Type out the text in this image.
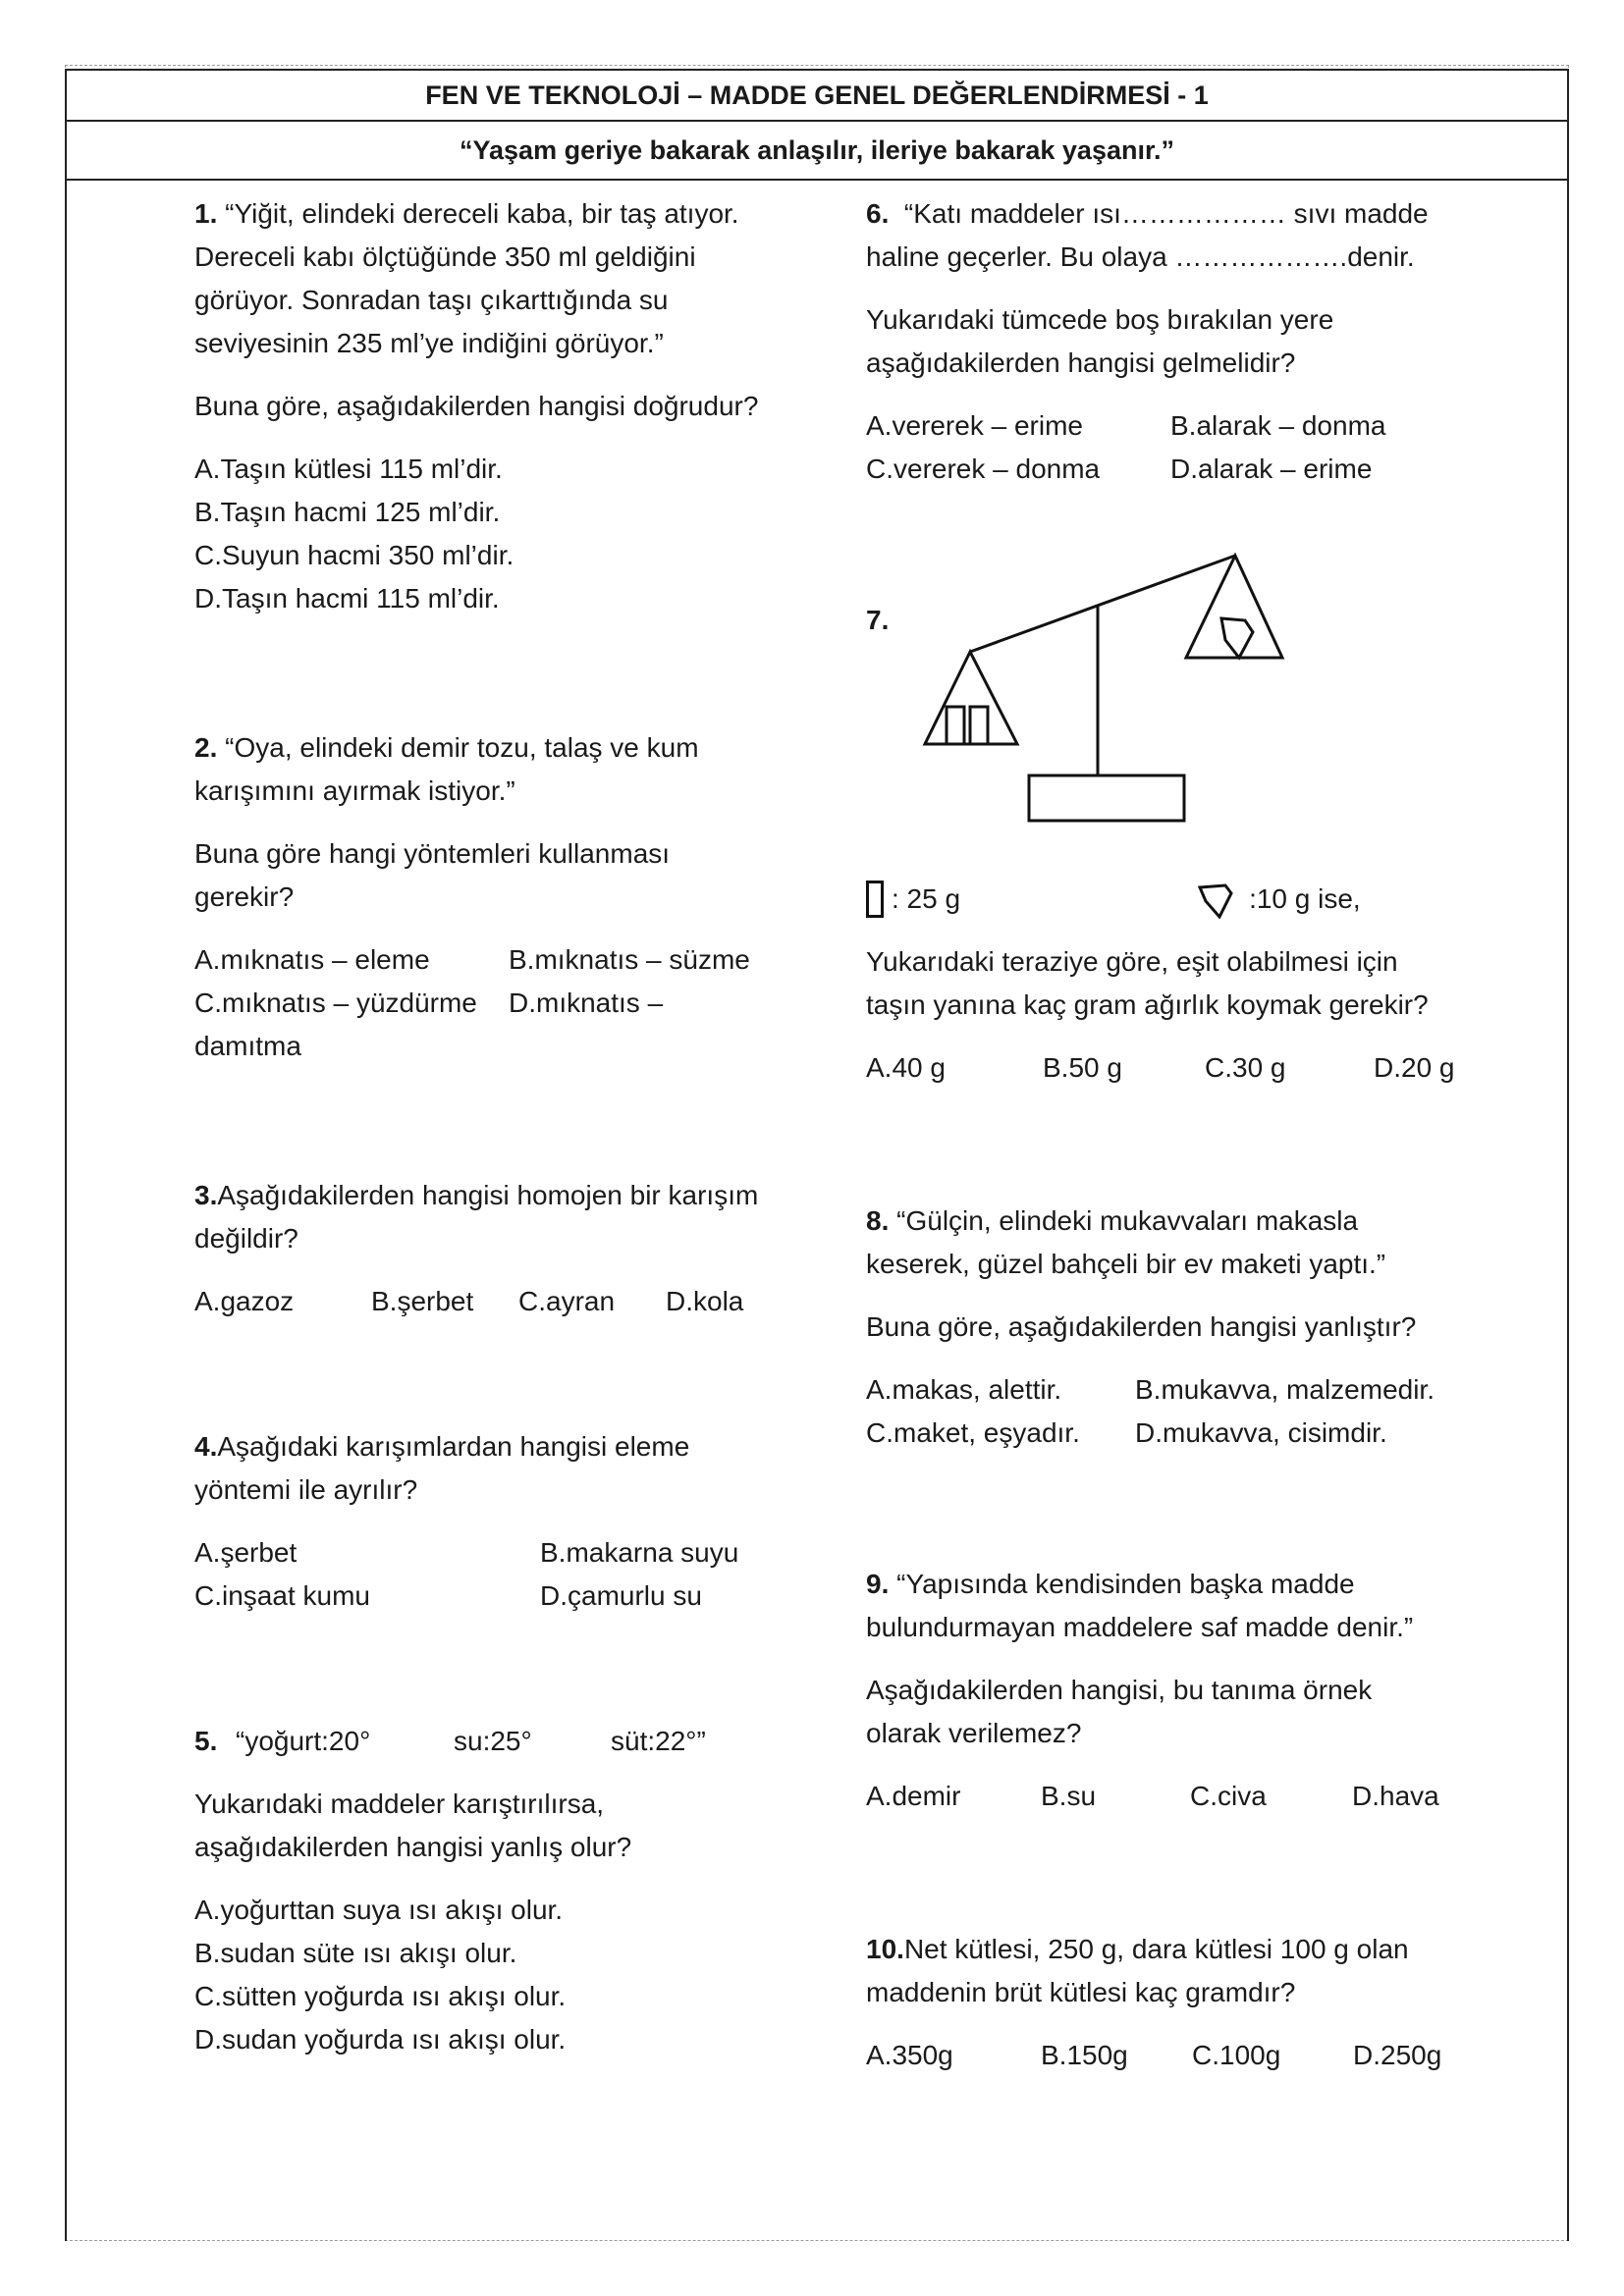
FEN VE TEKNOLOJİ – MADDE GENEL DEĞERLENDİRMESİ - 1
“Yaşam geriye bakarak anlaşılır, ileriye bakarak yaşanır.”

1. “Yiğit, elindeki dereceli kaba, bir taş atıyor.

Dereceli kabı ölçtüğünde 350 ml geldiğini

görüyor. Sonradan taşı çıkarttığında su

seviyesinin 235 ml’ye indiğini görüyor.”

Buna göre, aşağıdakilerden hangisi doğrudur?

A.Taşın kütlesi 115 ml’dir.

B.Taşın hacmi 125 ml’dir.

C.Suyun hacmi 350 ml’dir.

D.Taşın hacmi 115 ml’dir.

2. “Oya, elindeki demir tozu, talaş ve kum

karışımını ayırmak istiyor.”

Buna göre hangi yöntemleri kullanması

gerekir?

A.mıknatıs – eleme	B.mıknatıs – süzme
C.mıknatıs – yüzdürme	D.mıknatıs –

damıtma

3.Aşağıdakilerden hangisi homojen bir karışım

değildir?

A.gazoz	B.şerbet	C.ayran	D.kola

4.Aşağıdaki karışımlardan hangisi eleme

yöntemi ile ayrılır?

A.şerbet	B.makarna suyu
C.inşaat kumu	D.çamurlu su
5. “yoğurt:20°	su:25°	süt:22°”

Yukarıdaki maddeler karıştırılırsa,

aşağıdakilerden hangisi yanlış olur?

A.yoğurttan suya ısı akışı olur.

B.sudan süte ısı akışı olur.

C.sütten yoğurda ısı akışı olur.

D.sudan yoğurda ısı akışı olur.

6. “Katı maddeler ısı……………… sıvı madde

haline geçerler. Bu olaya ……………….denir.

Yukarıdaki tümcede boş bırakılan yere

aşağıdakilerden hangisi gelmelidir?

A.vererek – erime	B.alarak – donma
C.vererek – donma	D.alarak – erime
7.
: 25 g	:10 g ise,

Yukarıdaki teraziye göre, eşit olabilmesi için

taşın yanına kaç gram ağırlık koymak gerekir?

A.40 g	B.50 g	C.30 g	D.20 g

8. “Gülçin, elindeki mukavvaları makasla

keserek, güzel bahçeli bir ev maketi yaptı.”

Buna göre, aşağıdakilerden hangisi yanlıştır?

A.makas, alettir.	B.mukavva, malzemedir.
C.maket, eşyadır.	D.mukavva, cisimdir.

9. “Yapısında kendisinden başka madde

bulundurmayan maddelere saf madde denir.”

Aşağıdakilerden hangisi, bu tanıma örnek

olarak verilemez?

A.demir	B.su	C.civa	D.hava

10.Net kütlesi, 250 g, dara kütlesi 100 g olan

maddenin brüt kütlesi kaç gramdır?

A.350g	B.150g	C.100g	D.250g
